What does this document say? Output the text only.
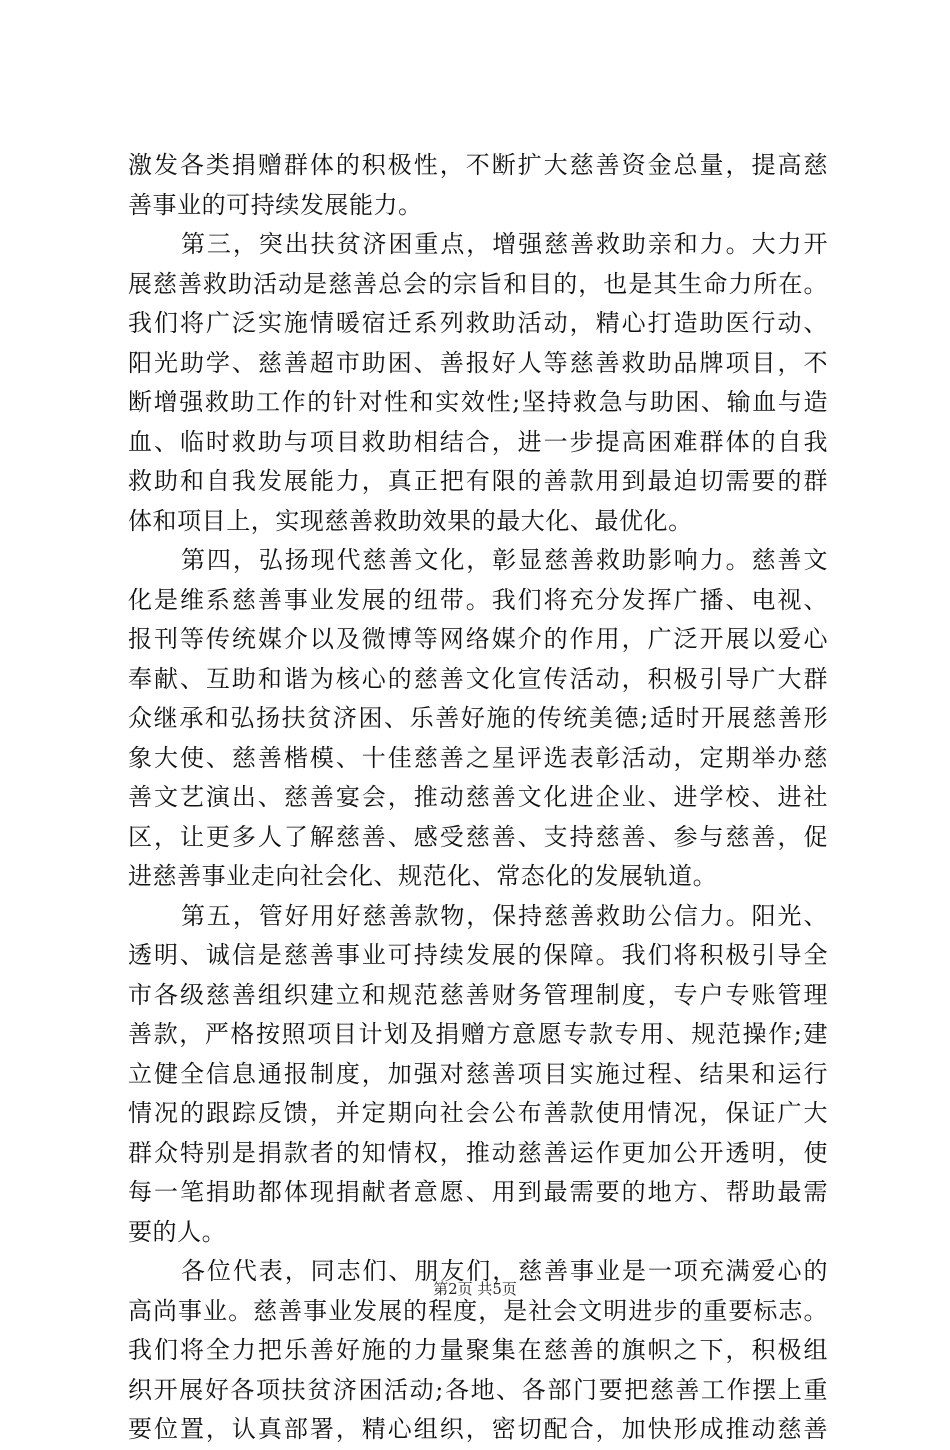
激发各类捐赠群体的积极性，不断扩大慈善资金总量，提高慈
善事业的可持续发展能力。
第三，突出扶贫济困重点，增强慈善救助亲和力。大力开
展慈善救助活动是慈善总会的宗旨和目的，也是其生命力所在。
我们将广泛实施情暖宿迁系列救助活动，精心打造助医行动、
阳光助学、慈善超市助困、善报好人等慈善救助品牌项目，不
断增强救助工作的针对性和实效性;坚持救急与助困、输血与造
血、临时救助与项目救助相结合，进一步提高困难群体的自我
救助和自我发展能力，真正把有限的善款用到最迫切需要的群
体和项目上，实现慈善救助效果的最大化、最优化。
第四，弘扬现代慈善文化，彰显慈善救助影响力。慈善文
化是维系慈善事业发展的纽带。我们将充分发挥广播、电视、
报刊等传统媒介以及微博等网络媒介的作用，广泛开展以爱心
奉献、互助和谐为核心的慈善文化宣传活动，积极引导广大群
众继承和弘扬扶贫济困、乐善好施的传统美德;适时开展慈善形
象大使、慈善楷模、十佳慈善之星评选表彰活动，定期举办慈
善文艺演出、慈善宴会，推动慈善文化进企业、进学校、进社
区，让更多人了解慈善、感受慈善、支持慈善、参与慈善，促
进慈善事业走向社会化、规范化、常态化的发展轨道。
第五，管好用好慈善款物，保持慈善救助公信力。阳光、
透明、诚信是慈善事业可持续发展的保障。我们将积极引导全
市各级慈善组织建立和规范慈善财务管理制度，专户专账管理
善款，严格按照项目计划及捐赠方意愿专款专用、规范操作;建
立健全信息通报制度，加强对慈善项目实施过程、结果和运行
情况的跟踪反馈，并定期向社会公布善款使用情况，保证广大
群众特别是捐款者的知情权，推动慈善运作更加公开透明，使
每一笔捐助都体现捐献者意愿、用到最需要的地方、帮助最需
要的人。
各位代表，同志们、朋友们，慈善事业是一项充满爱心的
高尚事业。慈善事业发展的程度，是社会文明进步的重要标志。
我们将全力把乐善好施的力量聚集在慈善的旗帜之下，积极组
织开展好各项扶贫济困活动;各地、各部门要把慈善工作摆上重
要位置，认真部署，精心组织，密切配合，加快形成推动慈善
第2页 共5页
